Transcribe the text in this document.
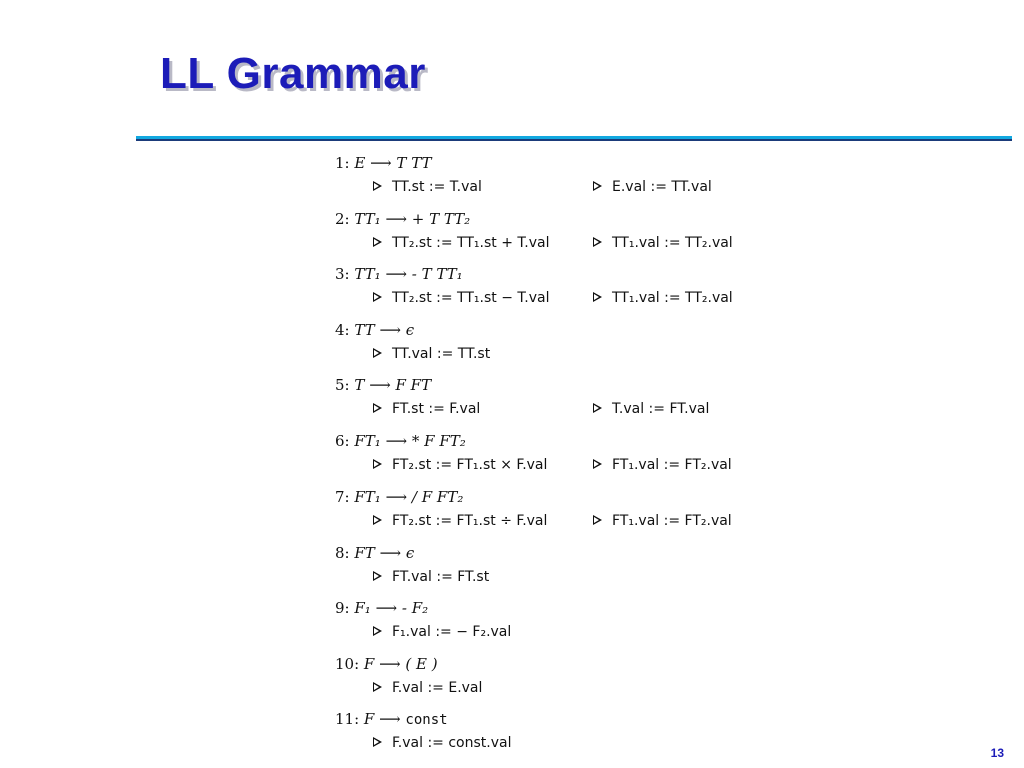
LL Grammar
1: E ⟶ T TT
TT.st := T.val	E.val := TT.val
2: TT₁ ⟶ + T TT₂
TT₂.st := TT₁.st + T.val	TT₁.val := TT₂.val
3: TT₁ ⟶ - T TT₁
TT₂.st := TT₁.st − T.val	TT₁.val := TT₂.val
4: TT ⟶ ϵ
TT.val := TT.st
5: T ⟶ F FT
FT.st := F.val	T.val := FT.val
6: FT₁ ⟶ * F FT₂
FT₂.st := FT₁.st × F.val	FT₁.val := FT₂.val
7: FT₁ ⟶ / F FT₂
FT₂.st := FT₁.st ÷ F.val	FT₁.val := FT₂.val
8: FT ⟶ ϵ
FT.val := FT.st
9: F₁ ⟶ - F₂
F₁.val := − F₂.val
10: F ⟶ ( E )
F.val := E.val
11: F ⟶ const
F.val := const.val
13
